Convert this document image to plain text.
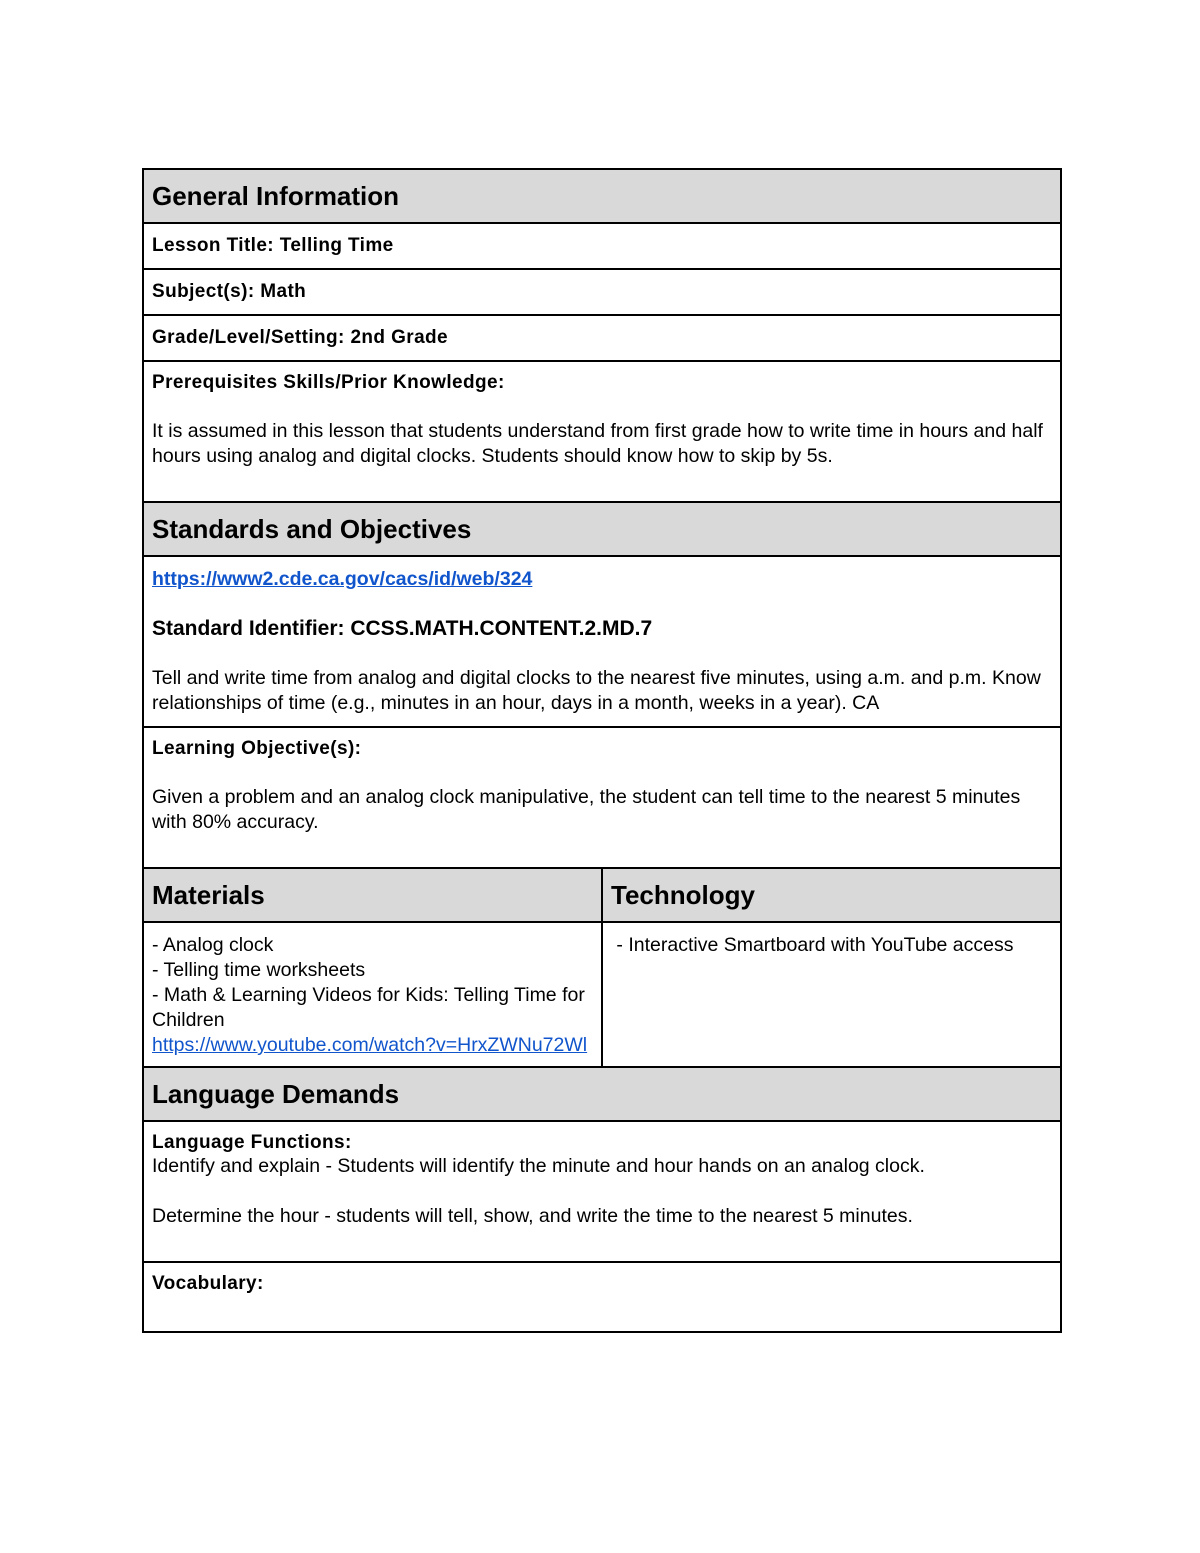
General Information	
Lesson Title: Telling Time	
Subject(s): Math	
Grade/Level/Setting: 2nd Grade	

Prerequisites Skills/Prior Knowledge:
It is assumed in this lesson that students understand from first grade how to write time in hours and half hours using analog and digital clocks. Students should know how to skip by 5s.	

Standards and Objectives	

https://www2.cde.ca.gov/cacs/id/web/324
Standard Identifier: CCSS.MATH.CONTENT.2.MD.7
Tell and write time from analog and digital clocks to the nearest five minutes, using a.m. and p.m. Know relationships of time (e.g., minutes in an hour, days in a month, weeks in a year). CA	

Learning Objective(s):
Given a problem and an analog clock manipulative, the student can tell time to the nearest 5 minutes with 80% accuracy.	

Materials	Technology

- Analog clock
- Telling time worksheets
- Math & Learning Videos for Kids: Telling Time for Children
https://www.youtube.com/watch?v=HrxZWNu72Wl	- Interactive Smartboard with YouTube access

Language Demands	

Language Functions:
Identify and explain - Students will identify the minute and hour hands on an analog clock.
Determine the hour - students will tell, show, and write the time to the nearest 5 minutes.	

Vocabulary:	
